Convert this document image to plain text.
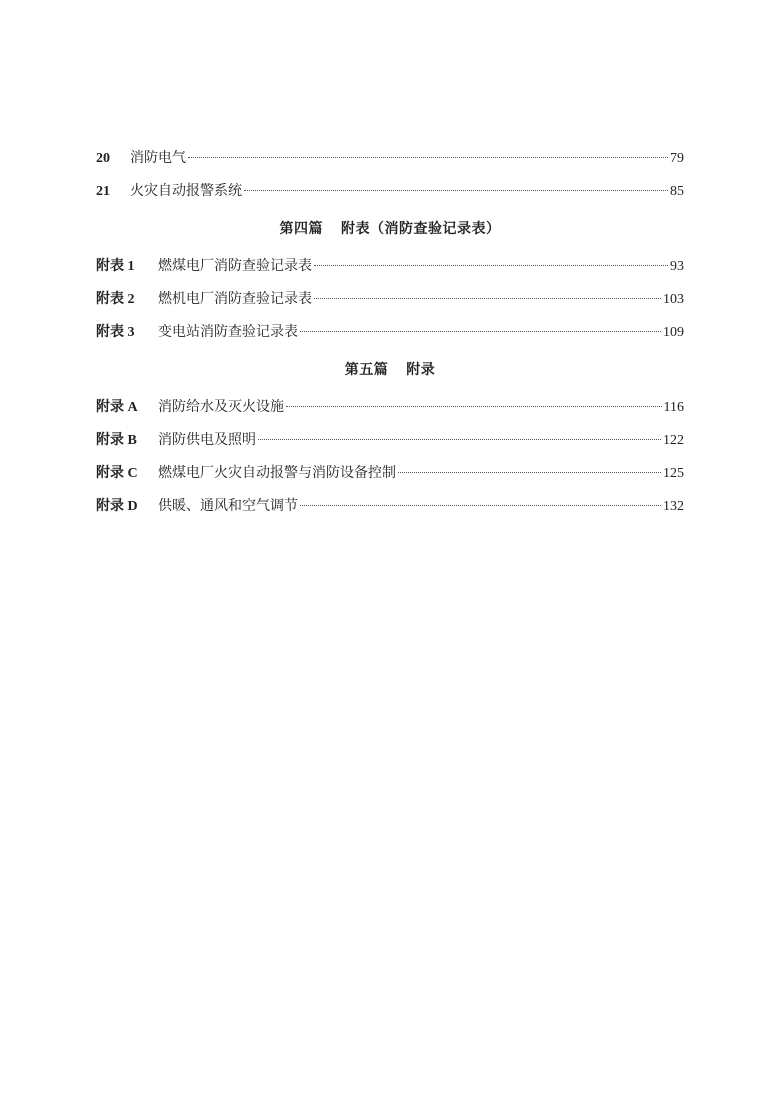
20	消防电气	79
21	火灾自动报警系统	85
第四篇 附表（消防查验记录表）
附表 1	燃煤电厂消防查验记录表	93
附表 2	燃机电厂消防查验记录表	103
附表 3	变电站消防查验记录表	109
第五篇 附录
附录 A	消防给水及灭火设施	116
附录 B	消防供电及照明	122
附录 C	燃煤电厂火灾自动报警与消防设备控制	125
附录 D	供暖、通风和空气调节	132
